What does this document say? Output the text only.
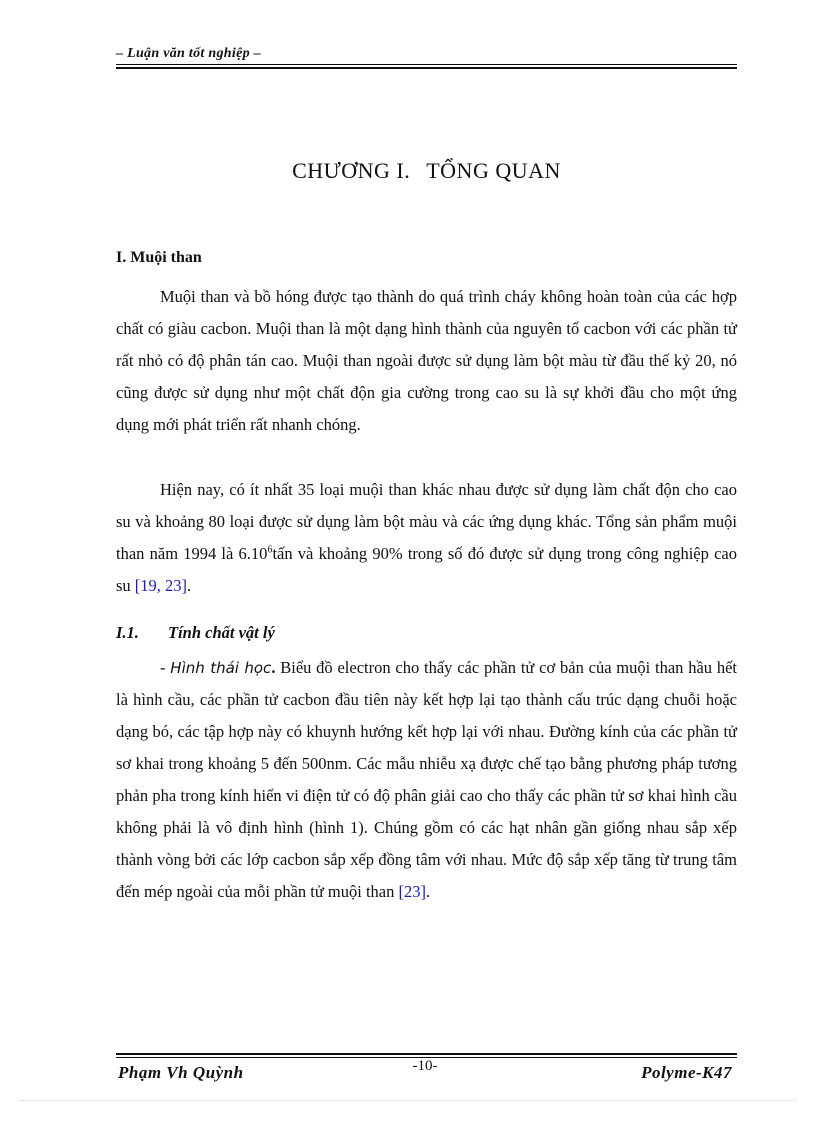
– Luận văn tốt nghiệp –
CHƯƠNG I. TỔNG QUAN
I. Muội than

Muội than và bồ hóng được tạo thành do quá trình cháy không hoàn toàn của các hợp chất có giàu cacbon. Muội than là một dạng hình thành của nguyên tố cacbon với các phần tử rất nhỏ có độ phân tán cao. Muội than ngoài được sử dụng làm bột màu từ đầu thế kỷ 20, nó cũng được sử dụng như một chất độn gia cường trong cao su là sự khởi đầu cho một ứng dụng mới phát triển rất nhanh chóng.

Hiện nay, có ít nhất 35 loại muội than khác nhau được sử dụng làm chất độn cho cao su và khoảng 80 loại được sử dụng làm bột màu và các ứng dụng khác. Tổng sản phẩm muội than năm 1994 là 6.10$^6$tấn và khoảng 90% trong số đó được sử dụng trong công nghiệp cao su [19, 23].

I.1. Tính chất vật lý

- Hình thái học. Biểu đồ electron cho thấy các phần tử cơ bản của muội than hầu hết là hình cầu, các phần tử cacbon đầu tiên này kết hợp lại tạo thành cấu trúc dạng chuỗi hoặc dạng bó, các tập hợp này có khuynh hướng kết hợp lại với nhau. Đường kính của các phần tử sơ khai trong khoảng 5 đến 500nm. Các mẫu nhiễu xạ được chế tạo bằng phương pháp tương phản pha trong kính hiển vi điện tử có độ phân giải cao cho thấy các phần tử sơ khai hình cầu không phải là vô định hình (hình 1). Chúng gồm có các hạt nhân gần giống nhau sắp xếp thành vòng bởi các lớp cacbon sắp xếp đồng tâm với nhau. Mức độ sắp xếp tăng từ trung tâm đến mép ngoài của mỗi phần tử muội than [23].

Phạm Vh Quỳnh	-10-	Polyme-K47
